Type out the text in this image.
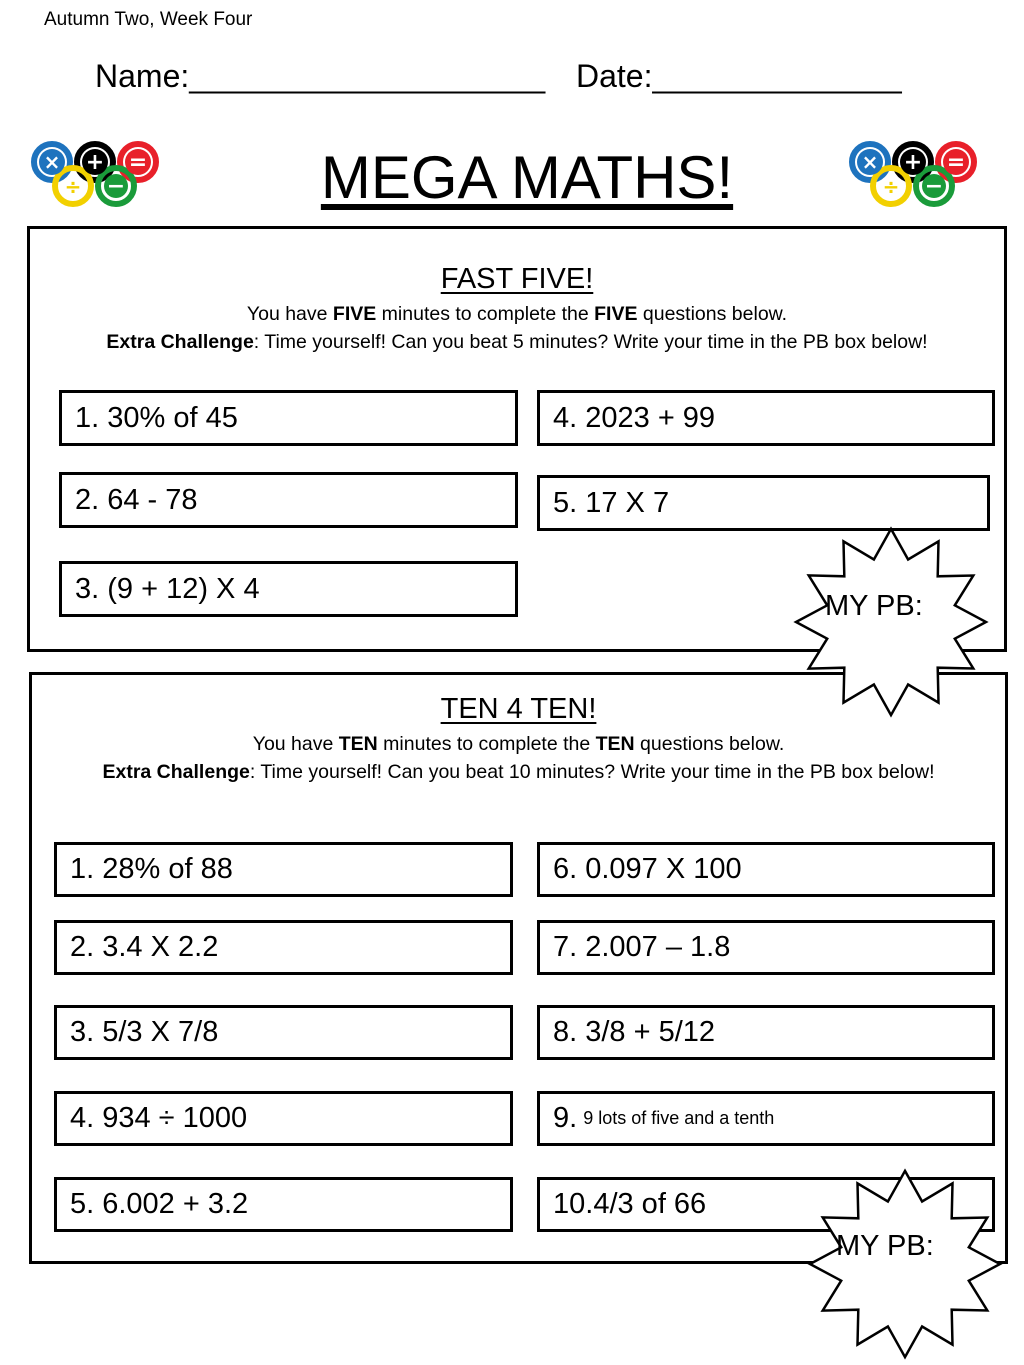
Autumn Two, Week Four
Name:____________________ Date:______________
MEGA MATHS!
× + =
÷ −
× + =
÷ −
FAST FIVE!
You have FIVE minutes to complete the FIVE questions below.
Extra Challenge: Time yourself! Can you beat 5 minutes? Write your time in the PB box below!
1. 30% of 45
2. 64 - 78
3. (9 + 12) X 4
4. 2023 + 99
5. 17 X 7
TEN 4 TEN!
You have TEN minutes to complete the TEN questions below.
Extra Challenge: Time yourself! Can you beat 10 minutes? Write your time in the PB box below!
1. 28% of 88
2. 3.4 X 2.2
3. 5/3 X 7/8
4. 934 ÷ 1000
5. 6.002 + 3.2
6. 0.097 X 100
7. 2.007 – 1.8
8. 3/8 + 5/12
9. 9 lots of five and a tenth
10.4/3 of 66
MY PB:
MY PB:
